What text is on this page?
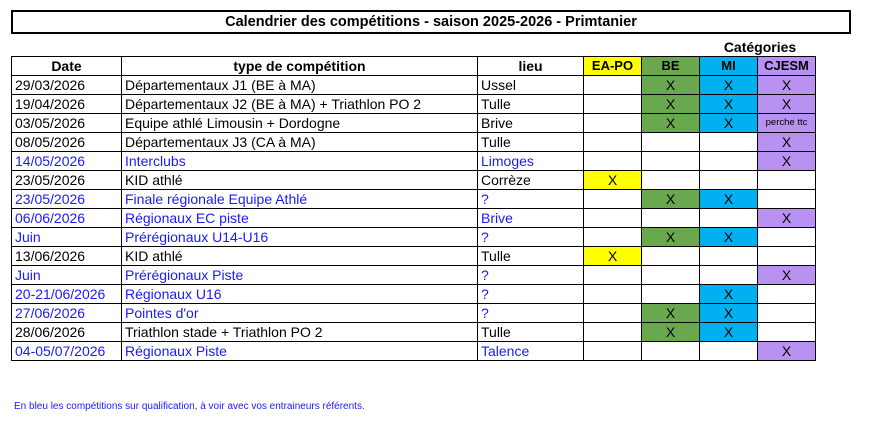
Calendrier des compétitions - saison 2025-2026 - Primtanier
Catégories
Date	type de compétition	lieu	EA-PO	BE	MI	CJESM
29/03/2026	Départementaux J1 (BE à MA)	Ussel		X	X	X
19/04/2026	Départementaux J2 (BE à MA) + Triathlon PO 2	Tulle		X	X	X
03/05/2026	Equipe athlé Limousin + Dordogne	Brive		X	X	perche ttc
08/05/2026	Départementaux J3 (CA à MA)	Tulle				X
14/05/2026	Interclubs	Limoges				X
23/05/2026	KID athlé	Corrèze	X			
23/05/2026	Finale régionale Equipe Athlé	?		X	X	
06/06/2026	Régionaux EC piste	Brive				X
Juin	Prérégionaux U14-U16	?		X	X	
13/06/2026	KID athlé	Tulle	X			
Juin	Prérégionaux Piste	?				X
20-21/06/2026	Régionaux U16	?			X	
27/06/2026	Pointes d'or	?		X	X	
28/06/2026	Triathlon stade + Triathlon PO 2	Tulle		X	X	
04-05/07/2026	Régionaux Piste	Talence				X
En bleu les compétitions sur qualification, à voir avec vos entraineurs référents.
